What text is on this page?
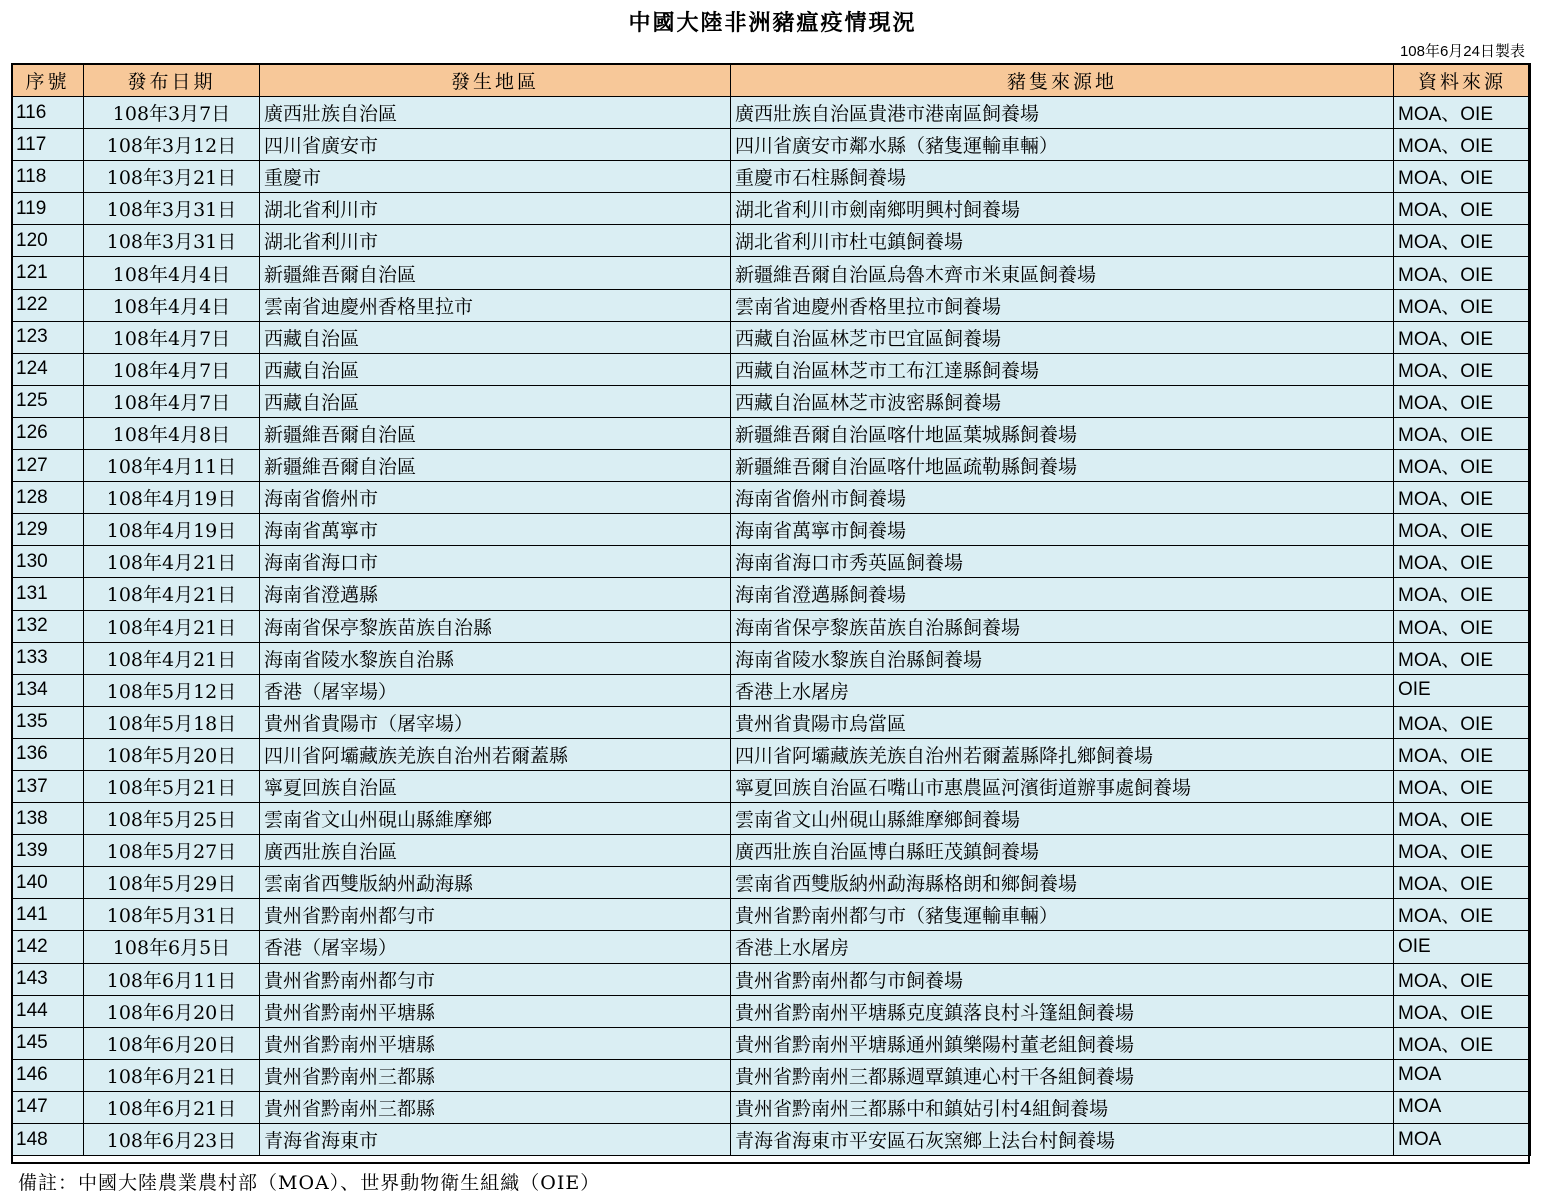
中國大陸非洲豬瘟疫情現況
108年6月24日製表
序號	發布日期	發生地區	豬隻來源地	資料來源
116	108年3月7日	廣西壯族自治區	廣西壯族自治區貴港市港南區飼養場	MOA、OIE
117	108年3月12日	四川省廣安市	四川省廣安市鄰水縣（豬隻運輸車輛）	MOA、OIE
118	108年3月21日	重慶市	重慶市石柱縣飼養場	MOA、OIE
119	108年3月31日	湖北省利川市	湖北省利川市劍南鄉明興村飼養場	MOA、OIE
120	108年3月31日	湖北省利川市	湖北省利川市杜屯鎮飼養場	MOA、OIE
121	108年4月4日	新疆維吾爾自治區	新疆維吾爾自治區烏魯木齊市米東區飼養場	MOA、OIE
122	108年4月4日	雲南省迪慶州香格里拉市	雲南省迪慶州香格里拉市飼養場	MOA、OIE
123	108年4月7日	西藏自治區	西藏自治區林芝市巴宜區飼養場	MOA、OIE
124	108年4月7日	西藏自治區	西藏自治區林芝市工布江達縣飼養場	MOA、OIE
125	108年4月7日	西藏自治區	西藏自治區林芝市波密縣飼養場	MOA、OIE
126	108年4月8日	新疆維吾爾自治區	新疆維吾爾自治區喀什地區葉城縣飼養場	MOA、OIE
127	108年4月11日	新疆維吾爾自治區	新疆維吾爾自治區喀什地區疏勒縣飼養場	MOA、OIE
128	108年4月19日	海南省儋州市	海南省儋州市飼養場	MOA、OIE
129	108年4月19日	海南省萬寧市	海南省萬寧市飼養場	MOA、OIE
130	108年4月21日	海南省海口市	海南省海口市秀英區飼養場	MOA、OIE
131	108年4月21日	海南省澄邁縣	海南省澄邁縣飼養場	MOA、OIE
132	108年4月21日	海南省保亭黎族苗族自治縣	海南省保亭黎族苗族自治縣飼養場	MOA、OIE
133	108年4月21日	海南省陵水黎族自治縣	海南省陵水黎族自治縣飼養場	MOA、OIE
134	108年5月12日	香港（屠宰場）	香港上水屠房	OIE
135	108年5月18日	貴州省貴陽市（屠宰場）	貴州省貴陽市烏當區	MOA、OIE
136	108年5月20日	四川省阿壩藏族羌族自治州若爾蓋縣	四川省阿壩藏族羌族自治州若爾蓋縣降扎鄉飼養場	MOA、OIE
137	108年5月21日	寧夏回族自治區	寧夏回族自治區石嘴山市惠農區河濱街道辦事處飼養場	MOA、OIE
138	108年5月25日	雲南省文山州硯山縣維摩鄉	雲南省文山州硯山縣維摩鄉飼養場	MOA、OIE
139	108年5月27日	廣西壯族自治區	廣西壯族自治區博白縣旺茂鎮飼養場	MOA、OIE
140	108年5月29日	雲南省西雙版納州勐海縣	雲南省西雙版納州勐海縣格朗和鄉飼養場	MOA、OIE
141	108年5月31日	貴州省黔南州都勻市	貴州省黔南州都勻市（豬隻運輸車輛）	MOA、OIE
142	108年6月5日	香港（屠宰場）	香港上水屠房	OIE
143	108年6月11日	貴州省黔南州都勻市	貴州省黔南州都勻市飼養場	MOA、OIE
144	108年6月20日	貴州省黔南州平塘縣	貴州省黔南州平塘縣克度鎮落良村斗篷組飼養場	MOA、OIE
145	108年6月20日	貴州省黔南州平塘縣	貴州省黔南州平塘縣通州鎮樂陽村董老組飼養場	MOA、OIE
146	108年6月21日	貴州省黔南州三都縣	貴州省黔南州三都縣週覃鎮連心村干各組飼養場	MOA
147	108年6月21日	貴州省黔南州三都縣	貴州省黔南州三都縣中和鎮姑引村4組飼養場	MOA
148	108年6月23日	青海省海東市	青海省海東市平安區石灰窯鄉上法台村飼養場	MOA
備註：中國大陸農業農村部（MOA）、世界動物衛生組織（OIE）
